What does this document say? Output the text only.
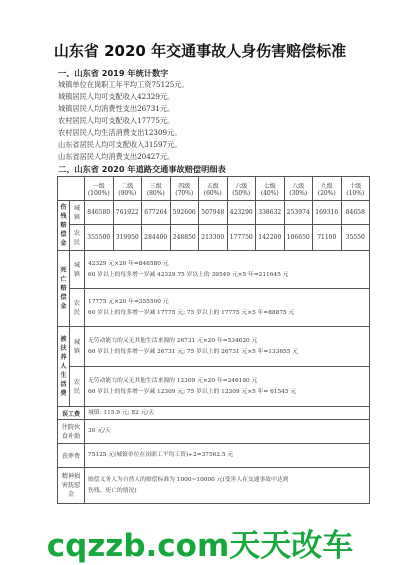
山东省 2020 年交通事故人身伤害赔偿标准
一、山东省 2019 年统计数字
城镇单位在岗职工年平均工资75125元。
城镇居民人均可支配收入42329元。
城镇居民人均消费性支出26731元。
农村居民人均可支配收入17775元。
农村居民人均生活消费支出12309元。
山东省居民人均可支配收入31597元。
山东省居民人均消费支出20427元。
二、山东省 2020 年道路交通事故赔偿明细表
		一级(100%)	二级(90%)	三级(80%)	四级(70%)	五级(60%)	六级(50%)	七级(40%)	八级(30%)	九级(20%)	十级(10%)
伤残赔偿金	城镇	846580	761922	677264	592606	507948	423290	338632	253974	169316	84658
	农民	355500	319950	284400	248850	213300	177750	142200	106650	71100	35550
死亡赔偿金	城镇	42329 元×20 年=846580 元
60 岁以上的每多增一岁减 42329 75 岁以上的 39549 元×5 年=211645 元									

	农民	17775 元×20 年=355500 元
60 岁以上的每多增一岁减 17775 元; 75 岁以上的 17775 元×5 年=88875 元									

被扶养人生活费	城镇	无劳动能力的又无其他生活来源的 26731 元×20 年=534620 元
60 岁以上的每多增一岁减 26731 元; 75 岁以上的 26731 元×5 年=133655 元									

	农民	无劳动能力的又无其他生活来源的 12309 元×20 年=246180 元
60 岁以上的每多增一岁减 12309 元; 75 岁以上的 12309 元×5 年= 61545 元									

误工费		城镇: 115.9 元; 82 元/天									
住院伙食补助		30 元/天									
丧葬费		75125 元(城镇单位在岗职工平均工资)÷2=37562.5 元									
精神损害抚慰金		赔偿义务人为自然人的赔偿标准为 1000~10000 元(受害人在交通事故中达到
伤残、死亡的情况)									
cqzzb.com天天改车
